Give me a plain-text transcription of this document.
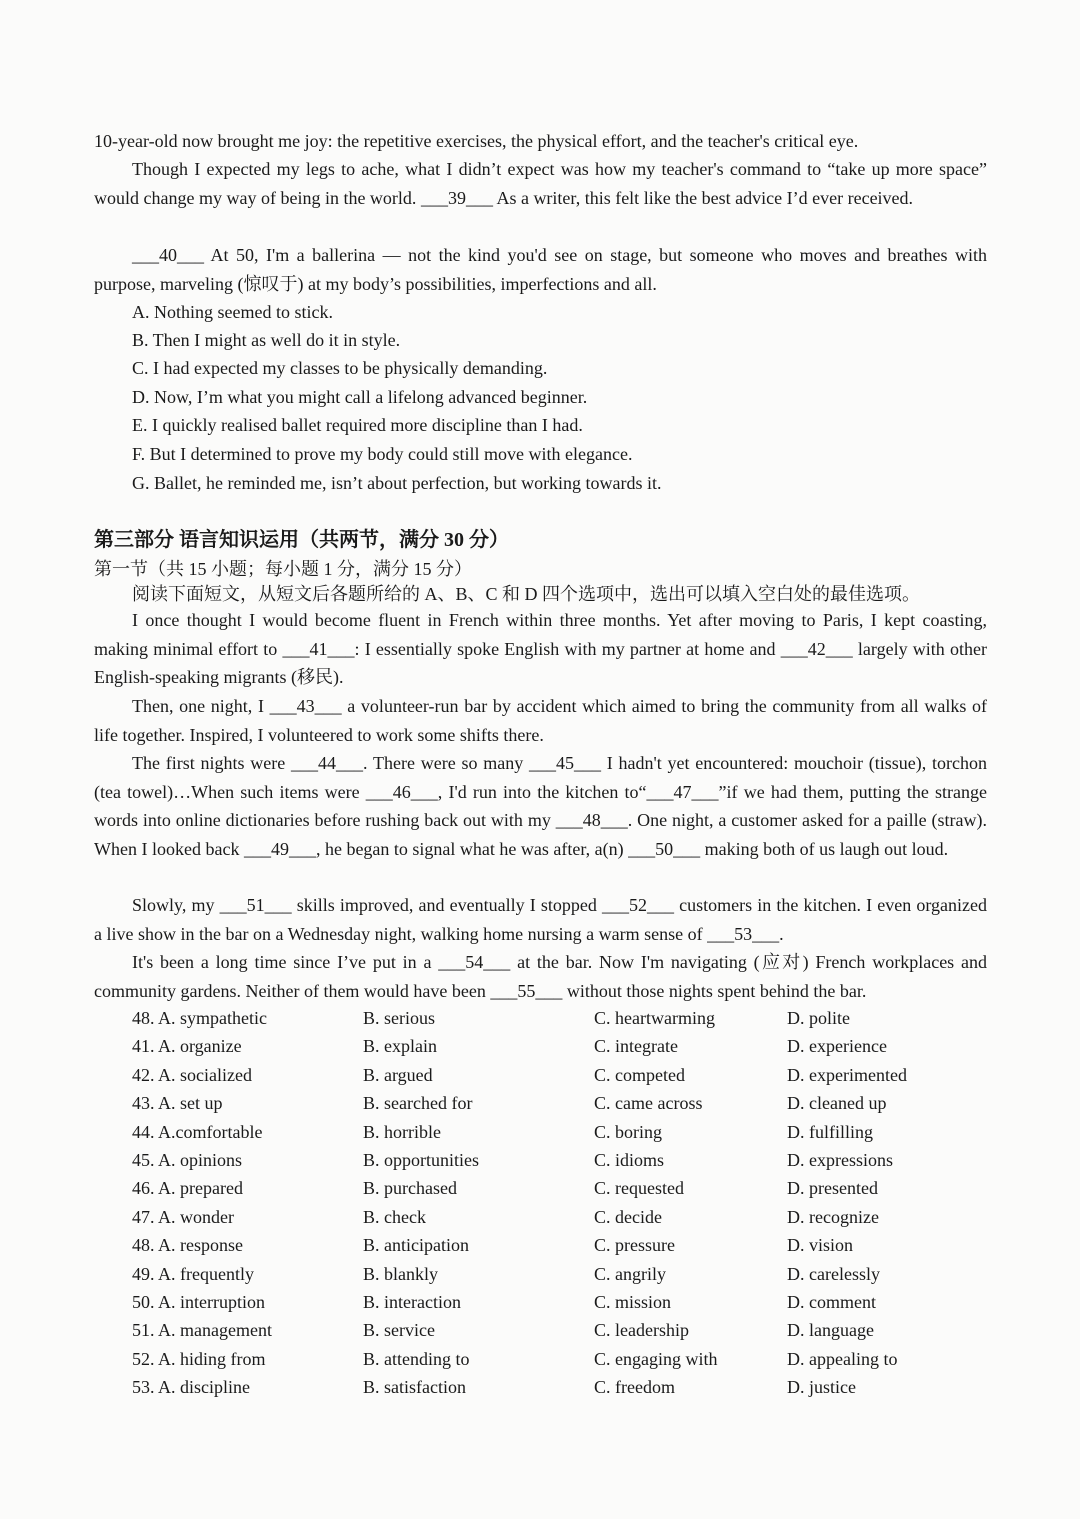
10-year-old now brought me joy: the repetitive exercises, the physical effort, and the teacher's critical eye.

Though I expected my legs to ache, what I didn’t expect was how my teacher's command to “take up more space” would change my way of being in the world. ___39___ As a writer, this felt like the best advice I’d ever received.

___40___ At 50, I'm a ballerina — not the kind you'd see on stage, but someone who moves and breathes with purpose, marveling (惊叹于) at my body’s possibilities, imperfections and all.

A. Nothing seemed to stick.

B. Then I might as well do it in style.

C. I had expected my classes to be physically demanding.

D. Now, I’m what you might call a lifelong advanced beginner.

E. I quickly realised ballet required more discipline than I had.

F. But I determined to prove my body could still move with elegance.

G. Ballet, he reminded me, isn’t about perfection, but working towards it.

第三部分 语言知识运用（共两节，满分 30 分）

第一节（共 15 小题；每小题 1 分，满分 15 分）

阅读下面短文，从短文后各题所给的 A、B、C 和 D 四个选项中，选出可以填入空白处的最佳选项。

I once thought I would become fluent in French within three months. Yet after moving to Paris, I kept coasting, making minimal effort to ___41___: I essentially spoke English with my partner at home and ___42___ largely with other English-speaking migrants (移民).

Then, one night, I ___43___ a volunteer-run bar by accident which aimed to bring the community from all walks of life together. Inspired, I volunteered to work some shifts there.

The first nights were ___44___. There were so many ___45___ I hadn't yet encountered: mouchoir (tissue), torchon (tea towel)…When such items were ___46___, I'd run into the kitchen to“___47___”if we had them, putting the strange words into online dictionaries before rushing back out with my ___48___. One night, a customer asked for a paille (straw). When I looked back ___49___, he began to signal what he was after, a(n) ___50___ making both of us laugh out loud.

Slowly, my ___51___ skills improved, and eventually I stopped ___52___ customers in the kitchen. I even organized a live show in the bar on a Wednesday night, walking home nursing a warm sense of ___53___.

It's been a long time since I’ve put in a ___54___ at the bar. Now I'm navigating (应对) French workplaces and community gardens. Neither of them would have been ___55___ without those nights spent behind the bar.

48. A. sympathetic	B. serious	C. heartwarming	D. polite
41. A. organize	B. explain	C. integrate	D. experience
42. A. socialized	B. argued	C. competed	D. experimented
43. A. set up	B. searched for	C. came across	D. cleaned up
44. A.comfortable	B. horrible	C. boring	D. fulfilling
45. A. opinions	B. opportunities	C. idioms	D. expressions
46. A. prepared	B. purchased	C. requested	D. presented
47. A. wonder	B. check	C. decide	D. recognize
48. A. response	B. anticipation	C. pressure	D. vision
49. A. frequently	B. blankly	C. angrily	D. carelessly
50. A. interruption	B. interaction	C. mission	D. comment
51. A. management	B. service	C. leadership	D. language
52. A. hiding from	B. attending to	C. engaging with	D. appealing to
53. A. discipline	B. satisfaction	C. freedom	D. justice
